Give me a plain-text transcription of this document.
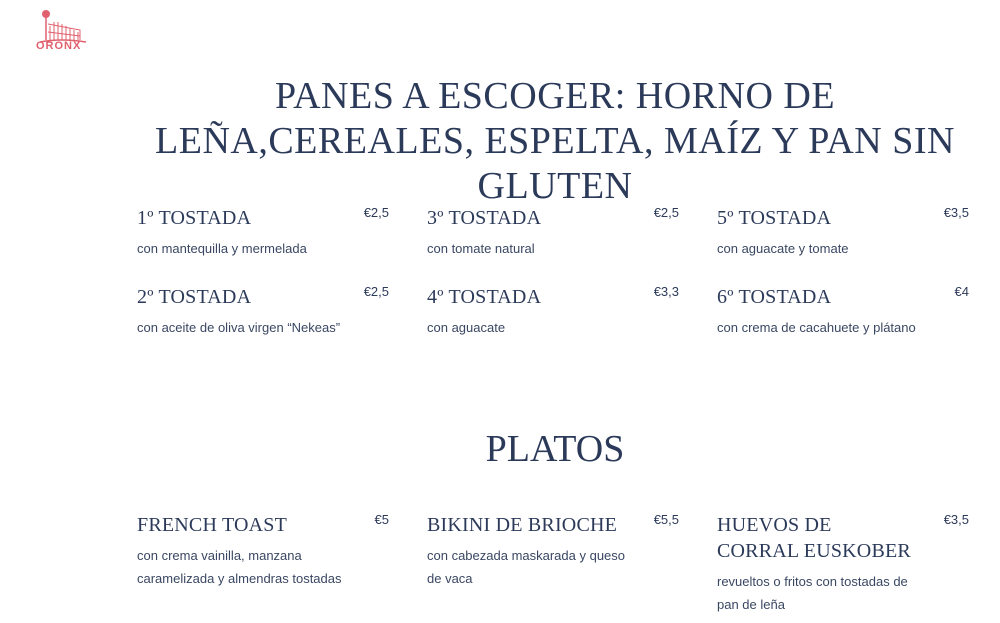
ORONX
PANES A ESCOGER: HORNO DE LEÑA,CEREALES, ESPELTA, MAÍZ Y PAN SIN GLUTEN
1º TOSTADA	€2,5
con mantequilla y mermelada
3º TOSTADA	€2,5
con tomate natural
5º TOSTADA	€3,5
con aguacate y tomate
2º TOSTADA	€2,5
con aceite de oliva virgen “Nekeas”
4º TOSTADA	€3,3
con aguacate
6º TOSTADA	€4
con crema de cacahuete y plátano
PLATOS
FRENCH TOAST	€5
con crema vainilla, manzana caramelizada y almendras tostadas
BIKINI DE BRIOCHE	€5,5
con cabezada maskarada y queso de vaca
HUEVOS DE CORRAL EUSKOBER
€3,5
revueltos o fritos con tostadas de pan de leña
